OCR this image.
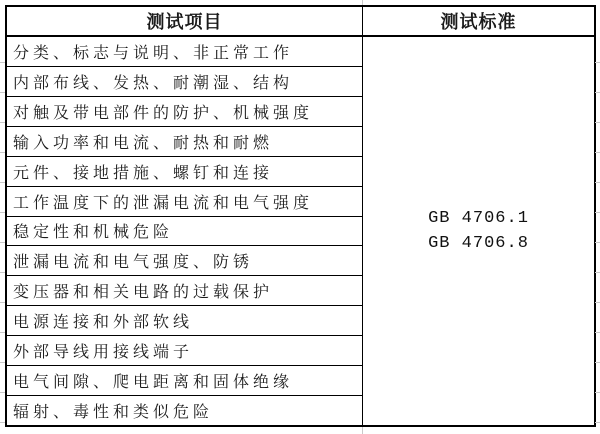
测试项目	测试标准
分类、标志与说明、非正常工作
内部布线、发热、耐潮湿、结构
对触及带电部件的防护、机械强度
输入功率和电流、耐热和耐燃
元件、接地措施、螺钉和连接
工作温度下的泄漏电流和电气强度
稳定性和机械危险
泄漏电流和电气强度、防锈
变压器和相关电路的过载保护
电源连接和外部软线
外部导线用接线端子
电气间隙、爬电距离和固体绝缘
辐射、毒性和类似危险
GB 4706.1
GB 4706.8
